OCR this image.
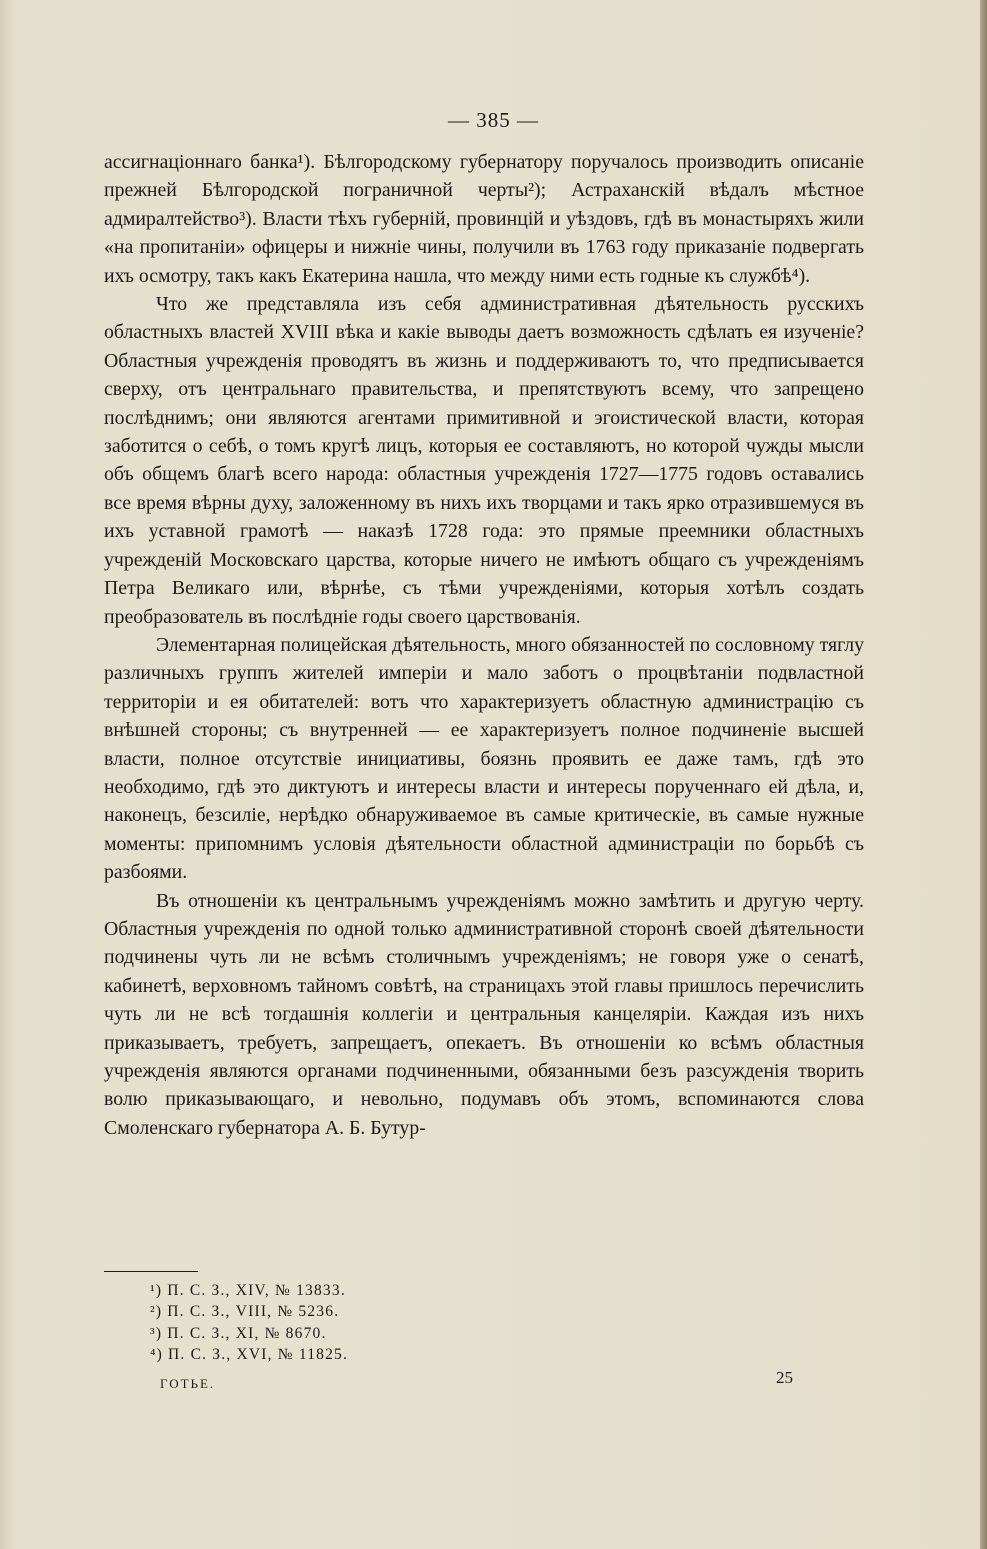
— 385 —

ассигнаціоннаго банка¹). Бѣлгородскому губернатору поручалось производить описаніе прежней Бѣлгородской пограничной черты²); Астраханскій вѣдалъ мѣстное адмиралтейство³). Власти тѣхъ губерній, провинцій и уѣздовъ, гдѣ въ монастыряхъ жили «на пропитаніи» офицеры и нижніе чины, получили въ 1763 году приказаніе подвергать ихъ осмотру, такъ какъ Екатерина нашла, что между ними есть годные къ службѣ⁴).

Что же представляла изъ себя административная дѣятельность русскихъ областныхъ властей XVIII вѣка и какіе выводы даетъ возможность сдѣлать ея изученіе? Областныя учрежденія проводятъ въ жизнь и поддерживаютъ то, что предписывается сверху, отъ центральнаго правительства, и препятствуютъ всему, что запрещено послѣднимъ; они являются агентами примитивной и эгоистической власти, которая заботится о себѣ, о томъ кругѣ лицъ, которыя ее составляютъ, но которой чужды мысли объ общемъ благѣ всего народа: областныя учрежденія 1727—1775 годовъ оставались все время вѣрны духу, заложенному въ нихъ ихъ творцами и такъ ярко отразившемуся въ ихъ уставной грамотѣ — наказѣ 1728 года: это прямые преемники областныхъ учрежденій Московскаго царства, которые ничего не имѣютъ общаго съ учрежденіямъ Петра Великаго или, вѣрнѣе, съ тѣми учрежденіями, которыя хотѣлъ создать преобразователь въ послѣдніе годы своего царствованія.

Элементарная полицейская дѣятельность, много обязанностей по сословному тяглу различныхъ группъ жителей имперіи и мало заботъ о процвѣтаніи подвластной территоріи и ея обитателей: вотъ что характеризуетъ областную администрацію съ внѣшней стороны; съ внутренней — ее характеризуетъ полное подчиненіе высшей власти, полное отсутствіе инициативы, боязнь проявить ее даже тамъ, гдѣ это необходимо, гдѣ это диктуютъ и интересы власти и интересы порученнаго ей дѣла, и, наконецъ, безсиліе, нерѣдко обнаруживаемое въ самые критическіе, въ самые нужные моменты: припомнимъ условія дѣятельности областной администраціи по борьбѣ съ разбоями.

Въ отношеніи къ центральнымъ учрежденіямъ можно замѣтить и другую черту. Областныя учрежденія по одной только административной сторонѣ своей дѣятельности подчинены чуть ли не всѣмъ столичнымъ учрежденіямъ; не говоря уже о сенатѣ, кабинетѣ, верховномъ тайномъ совѣтѣ, на страницахъ этой главы пришлось перечислить чуть ли не всѣ тогдашнія коллегіи и центральныя канцеляріи. Каждая изъ нихъ приказываетъ, требуетъ, запрещаетъ, опекаетъ. Въ отношеніи ко всѣмъ областныя учрежденія являются органами подчиненными, обязанными безъ разсужденія творить волю приказывающаго, и невольно, подумавъ объ этомъ, вспоминаются слова Смоленскаго губернатора А. Б. Бутур-

¹) П. С. З., XIV, № 13833.
²) П. С. З., VIII, № 5236.
³) П. С. З., XI, № 8670.
⁴) П. С. З., XVI, № 11825.
ГОТЬЕ.	25
